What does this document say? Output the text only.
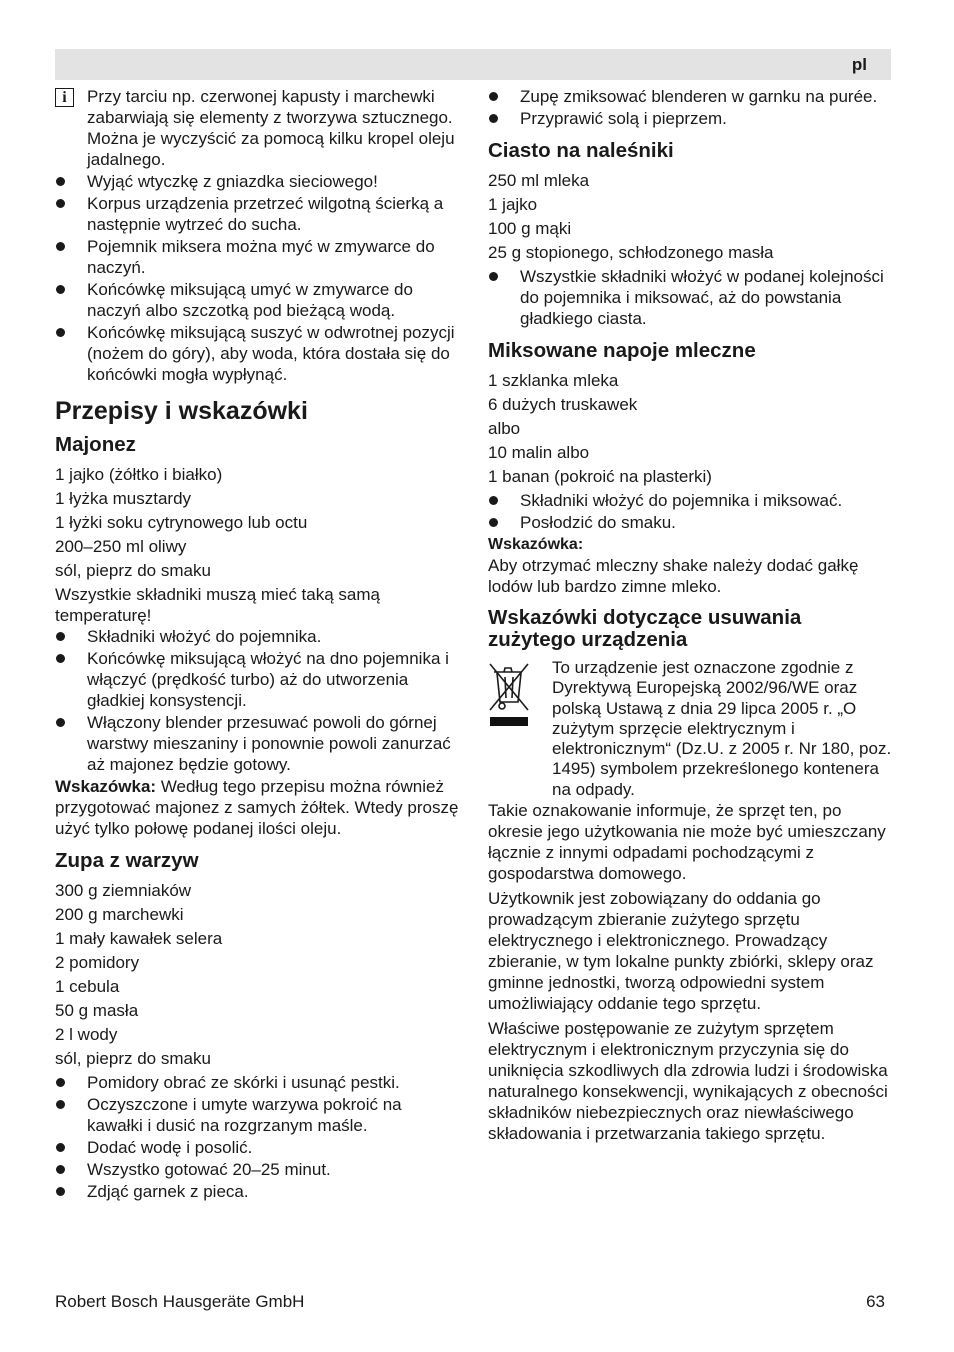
pl
i	Przy tarciu np. czerwonej kapusty i marchewki zabarwiają się elementy z tworzywa sztucznego. Można je wyczyścić za pomocą kilku kropel oleju jadalnego.
Wyjąć wtyczkę z gniazdka sieciowego!
Korpus urządzenia przetrzeć wilgotną ścierką a następnie wytrzeć do sucha.
Pojemnik miksera można myć w zmywarce do naczyń.
Końcówkę miksującą umyć w zmywarce do naczyń albo szczotką pod bieżącą wodą.
Końcówkę miksującą suszyć w odwrotnej pozycji (nożem do góry), aby woda, która dostała się do końcówki mogła wypłynąć.
Przepisy i wskazówki
Majonez

1 jajko (żółtko i białko)

1 łyżka musztardy

1 łyżki soku cytrynowego lub octu

200–250 ml oliwy

sól, pieprz do smaku

Wszystkie składniki muszą mieć taką samą temperaturę!

Składniki włożyć do pojemnika.
Końcówkę miksującą włożyć na dno pojemnika i włączyć (prędkość turbo) aż do utworzenia gładkiej konsystencji.
Włączony blender przesuwać powoli do górnej warstwy mieszaniny i ponownie powoli zanurzać aż majonez będzie gotowy.

Wskazówka: Według tego przepisu można również przygotować majonez z samych żółtek. Wtedy proszę użyć tylko połowę podanej ilości oleju.

Zupa z warzyw

300 g ziemniaków

200 g marchewki

1 mały kawałek selera

2 pomidory

1 cebula

50 g masła

2 l wody

sól, pieprz do smaku

Pomidory obrać ze skórki i usunąć pestki.
Oczyszczone i umyte warzywa pokroić na kawałki i dusić na rozgrzanym maśle.
Dodać wodę i posolić.
Wszystko gotować 20–25 minut.
Zdjąć garnek z pieca.
Zupę zmiksować blenderen w garnku na purée.
Przyprawić solą i pieprzem.
Ciasto na naleśniki

250 ml mleka

1 jajko

100 g mąki

25 g stopionego, schłodzonego masła

Wszystkie składniki włożyć w podanej kolejności do pojemnika i miksować, aż do powstania gładkiego ciasta.
Miksowane napoje mleczne

1 szklanka mleka

6 dużych truskawek

albo

10 malin albo

1 banan (pokroić na plasterki)

Składniki włożyć do pojemnika i miksować.
Posłodzić do smaku.

Wskazówka:

Aby otrzymać mleczny shake należy dodać gałkę lodów lub bardzo zimne mleko.

Wskazówki dotyczące usuwania zużytego urządzenia
To urządzenie jest oznaczone zgodnie z Dyrektywą Europejską 2002/96/WE oraz polską Ustawą z dnia 29 lipca 2005 r. „O zużytym sprzęcie elektrycznym i elektronicznym“ (Dz.U. z 2005 r. Nr 180, poz. 1495) symbolem przekreślonego kontenera na odpady.

Takie oznakowanie informuje, że sprzęt ten, po okresie jego użytkowania nie może być umieszczany łącznie z innymi odpadami pochodzącymi z gospodarstwa domowego.

Użytkownik jest zobowiązany do oddania go prowadzącym zbieranie zużytego sprzętu elektrycznego i elektronicznego. Prowadzący zbieranie, w tym lokalne punkty zbiórki, sklepy oraz gminne jednostki, tworzą odpowiedni system umożliwiający oddanie tego sprzętu.

Właściwe postępowanie ze zużytym sprzętem elektrycznym i elektronicznym przyczynia się do uniknięcia szkodliwych dla zdrowia ludzi i środowiska naturalnego konsekwencji, wynikających z obecności składników niebezpiecznych oraz niewłaściwego składowania i przetwarzania takiego sprzętu.

Robert Bosch Hausgeräte GmbH	63
